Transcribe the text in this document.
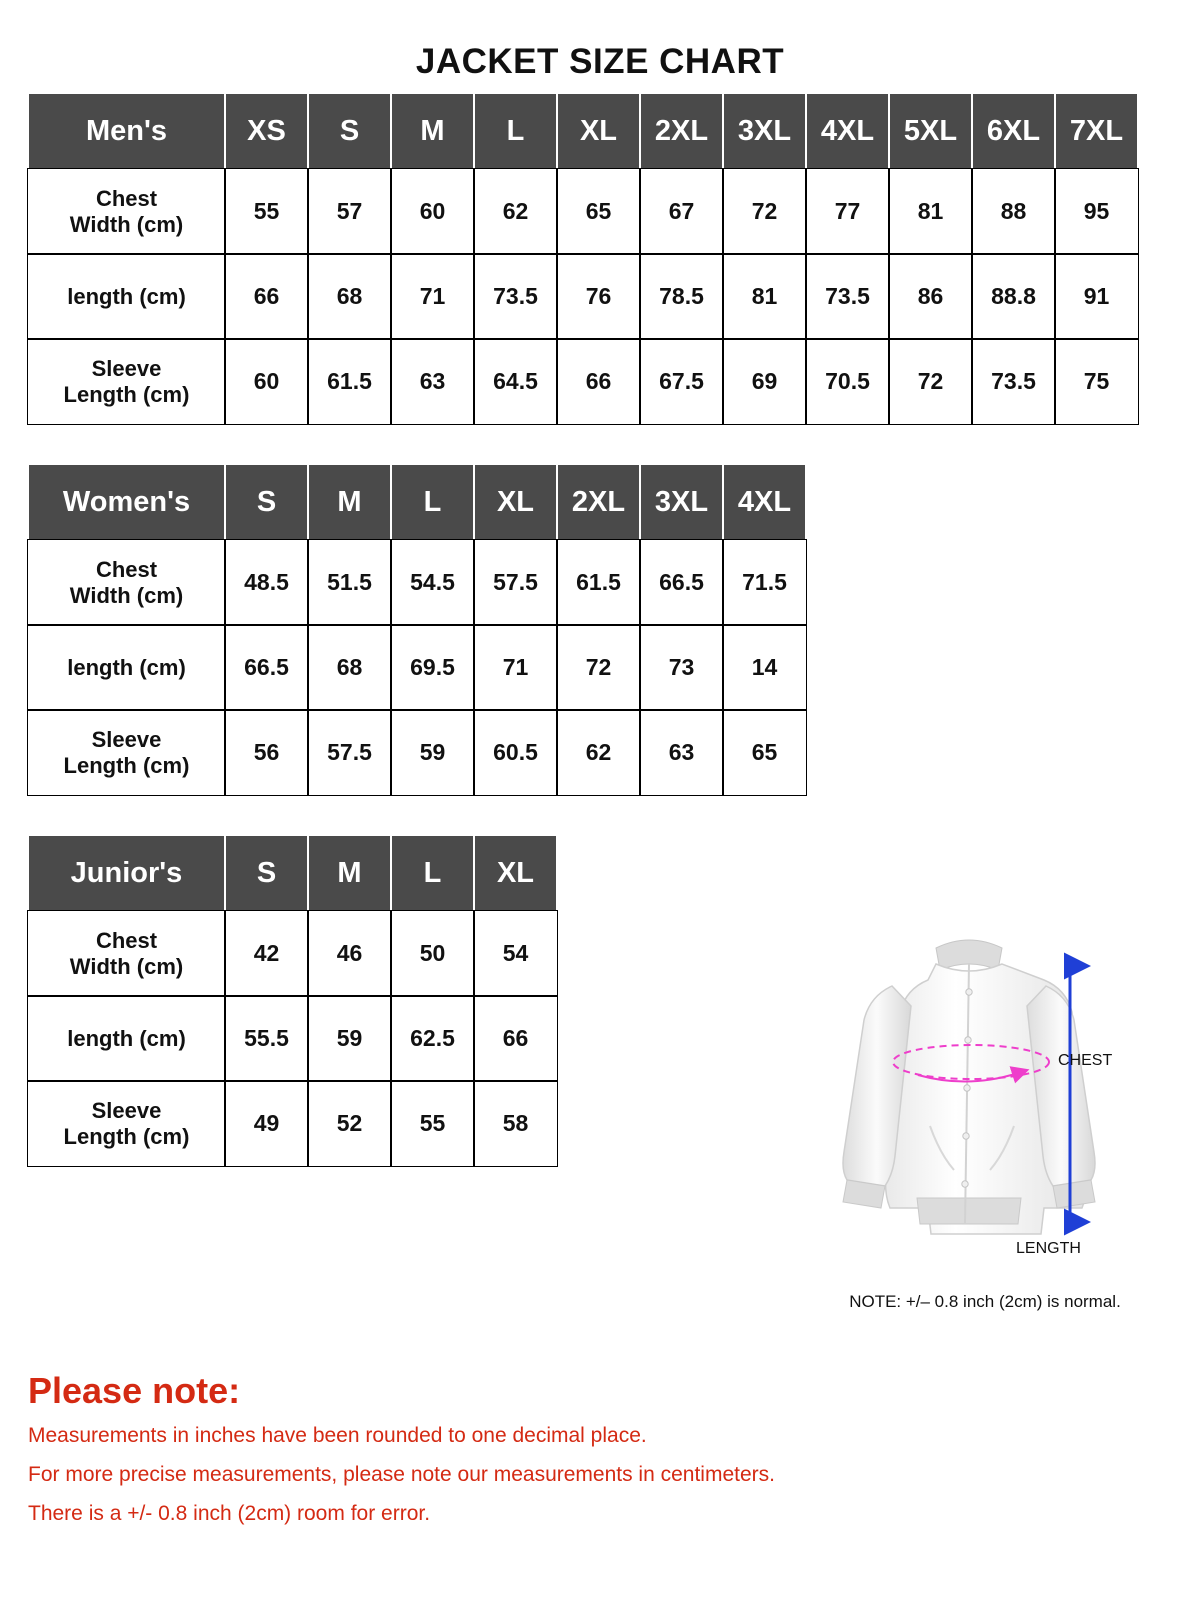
JACKET SIZE CHART
Men's	XS	S	M	L	XL	2XL	3XL	4XL	5XL	6XL	7XL
Chest
Width (cm)	55	57	60	62	65	67	72	77	81	88	95
length (cm)	66	68	71	73.5	76	78.5	81	73.5	86	88.8	91
Sleeve
Length (cm)	60	61.5	63	64.5	66	67.5	69	70.5	72	73.5	75
Women's	S	M	L	XL	2XL	3XL	4XL
Chest
Width (cm)	48.5	51.5	54.5	57.5	61.5	66.5	71.5
length (cm)	66.5	68	69.5	71	72	73	14
Sleeve
Length (cm)	56	57.5	59	60.5	62	63	65
Junior's	S	M	L	XL
Chest
Width (cm)	42	46	50	54
length (cm)	55.5	59	62.5	66
Sleeve
Length (cm)	49	52	55	58
CHEST
LENGTH
NOTE: +/– 0.8 inch (2cm) is normal.
Please note:

Measurements in inches have been rounded to one decimal place.

For more precise measurements, please note our measurements in centimeters.

There is a +/- 0.8 inch (2cm) room for error.
